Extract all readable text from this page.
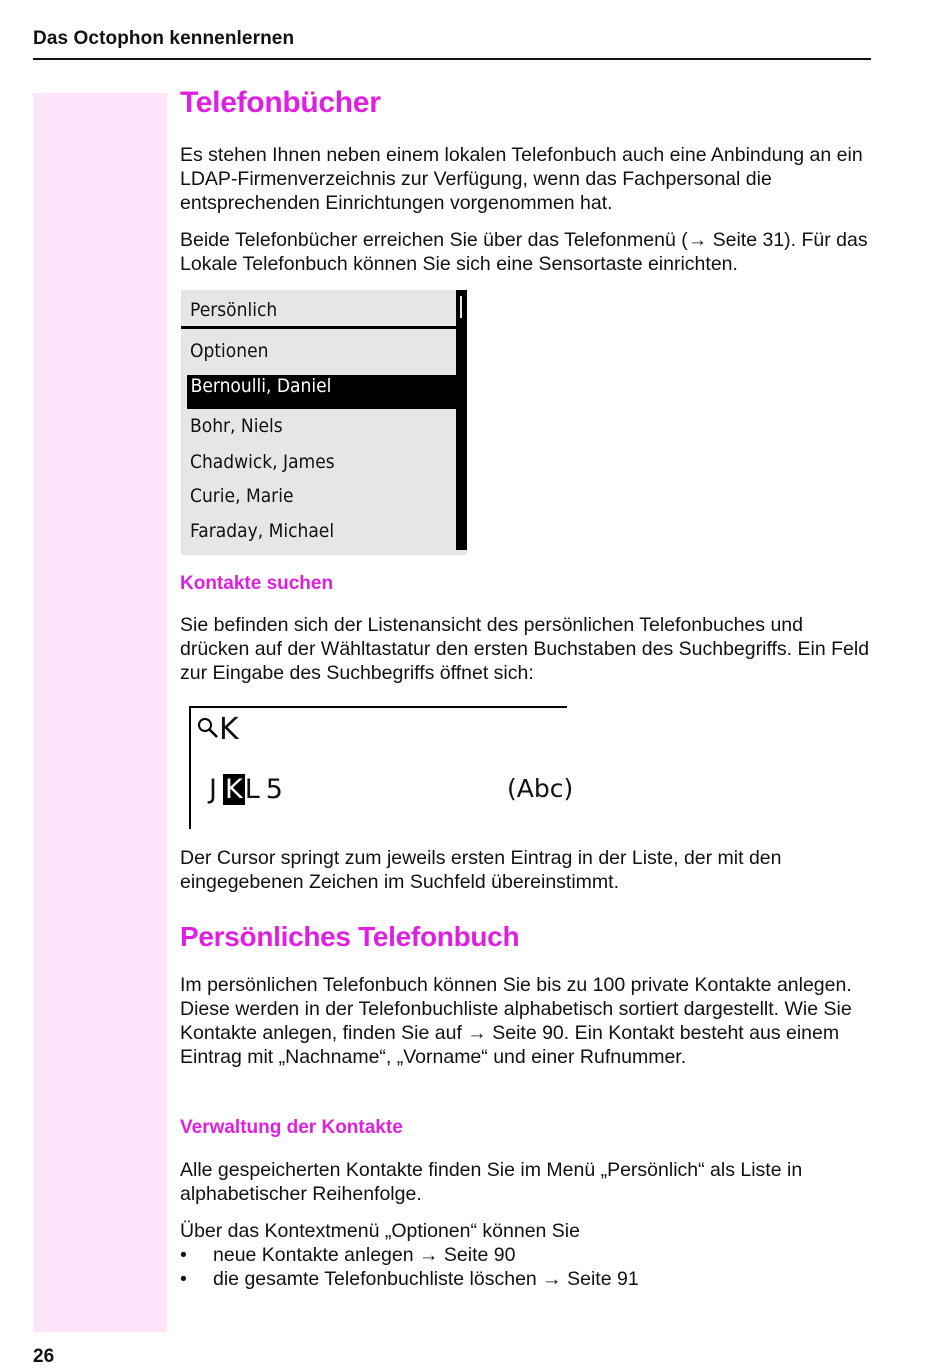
Das Octophon kennenlernen
26
Telefonbücher

Es stehen Ihnen neben einem lokalen Telefonbuch auch eine Anbindung an ein LDAP-Firmenverzeichnis zur Verfügung, wenn das Fachpersonal die entsprechenden Einrichtungen vorgenommen hat.

Beide Telefonbücher erreichen Sie über das Telefonmenü (→ Seite 31). Für das Lokale Telefonbuch können Sie sich eine Sensortaste einrichten.

Kontakte suchen

Sie befinden sich der Listenansicht des persönlichen Telefonbuches und drücken auf der Wähltastatur den ersten Buchstaben des Suchbegriffs. Ein Feld zur Eingabe des Suchbegriffs öffnet sich:

Der Cursor springt zum jeweils ersten Eintrag in der Liste, der mit den eingegebenen Zeichen im Suchfeld übereinstimmt.

Persönliches Telefonbuch

Im persönlichen Telefonbuch können Sie bis zu 100 private Kontakte anlegen. Diese werden in der Telefonbuchliste alphabetisch sortiert dargestellt. Wie Sie Kontakte anlegen, finden Sie auf → Seite 90. Ein Kontakt besteht aus einem Eintrag mit „Nachname“, „Vorname“ und einer Rufnummer.

Verwaltung der Kontakte

Alle gespeicherten Kontakte finden Sie im Menü „Persönlich“ als Liste in alphabetischer Reihenfolge.

Über das Kontextmenü „Optionen“ können Sie

• neue Kontakte anlegen → Seite 90
• die gesamte Telefonbuchliste löschen → Seite 91
Persönlich
Optionen
Bernoulli, Daniel
Bohr, Niels
Chadwick, James
Curie, Marie
Faraday, Michael
K
J KL 5	(Abc)
